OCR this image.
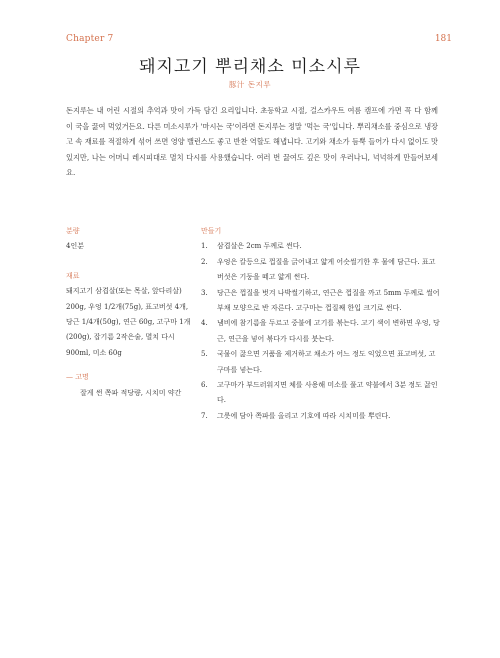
Chapter 7	181
돼지고기 뿌리채소 미소시루
豚汁 돈지루

돈지루는 내 어린 시절의 추억과 맛이 가득 담긴 요리입니다. 초등학교 시절, 걸스카우트 여름 캠프에 가면 꼭 다 함께 이 국을 끓여 먹었거든요. 다른 미소시루가 '마시는 국'이라면 돈지루는 정말 '먹는 국'입니다. 뿌리채소를 중심으로 냉장고 속 재료를 적절하게 섞어 쓰면 영양 밸런스도 좋고 반찬 역할도 해냅니다. 고기와 채소가 듬뿍 들어가 다시 없이도 맛있지만, 나는 어머니 레시피대로 멸치 다시를 사용했습니다. 여러 번 끓여도 깊은 맛이 우러나니, 넉넉하게 만들어보세요.

분량
4인분
재료
돼지고기 삼겹살(또는 목살, 앞다리살) 200g, 우엉 1/2개(75g), 표고버섯 4개, 당근 1/4개(50g), 연근 60g, 고구마 1개(200g), 잡기름 2작은술, 멸치 다시 900ml, 미소 60g
— 고명
잘게 썬 쪽파 적당량, 시치미 약간
만들기
1.	삼겹살은 2cm 두께로 썬다.
2.	우엉은 칼등으로 껍질을 긁어내고 얇게 어슷썰기한 후 물에 담근다. 표고버섯은 기둥을 떼고 얇게 썬다.
3.	당근은 껍질을 벗겨 나박썰기하고, 연근은 껍질을 까고 5mm 두께로 썰어 부채 모양으로 반 자른다. 고구마는 껍질째 한입 크기로 썬다.
4.	냄비에 참기름을 두르고 중불에 고기를 볶는다. 고기 색이 변하면 우엉, 당근, 연근을 넣어 볶다가 다시를 붓는다.
5.	국물이 끓으면 거품을 제거하고 채소가 어느 정도 익었으면 표고버섯, 고구마를 넣는다.
6.	고구마가 부드러워지면 체를 사용해 미소를 풀고 약불에서 3분 정도 끓인다.
7.	그릇에 담아 쪽파를 올리고 기호에 따라 시치미를 뿌린다.
